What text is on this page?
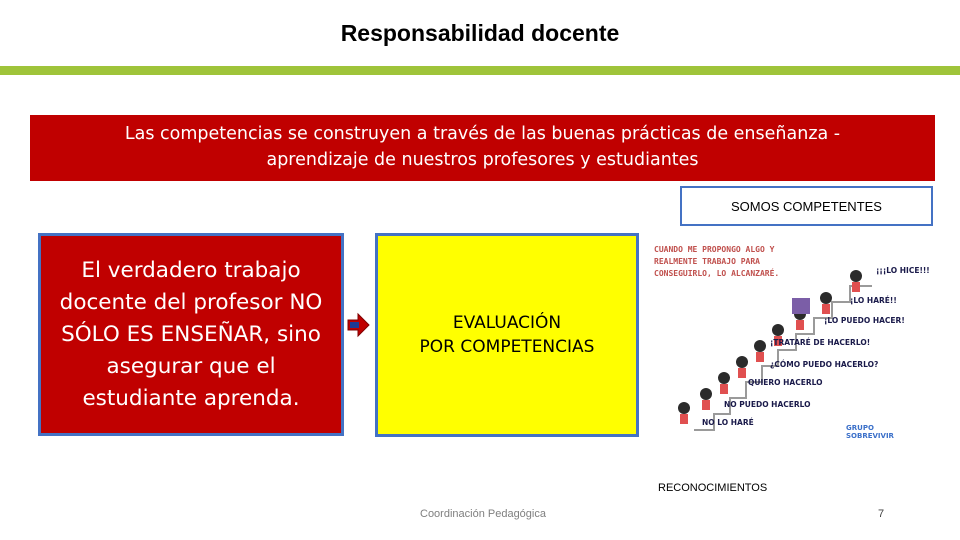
Responsabilidad docente
Las competencias se construyen a través de las buenas prácticas de enseñanza -
aprendizaje de nuestros profesores y estudiantes
SOMOS COMPETENTES
El verdadero trabajo
docente del profesor NO
SÓLO ES ENSEÑAR, sino
asegurar que el
estudiante aprenda.
EVALUACIÓN
POR COMPETENCIAS
CUANDO ME PROPONGO ALGO Y
REALMENTE TRABAJO PARA
CONSEGUIRLO, LO ALCANZARÉ.
NO LO HARÉ
NO PUEDO HACERLO
QUIERO HACERLO
¿CÓMO PUEDO HACERLO?
¡TRATARÉ DE HACERLO!
¡LO PUEDO HACER!
¡LO HARÉ!!
¡¡¡LO HICE!!!
GRUPO SOBREVIVIR
RECONOCIMIENTOS
Coordinación Pedagógica	7
